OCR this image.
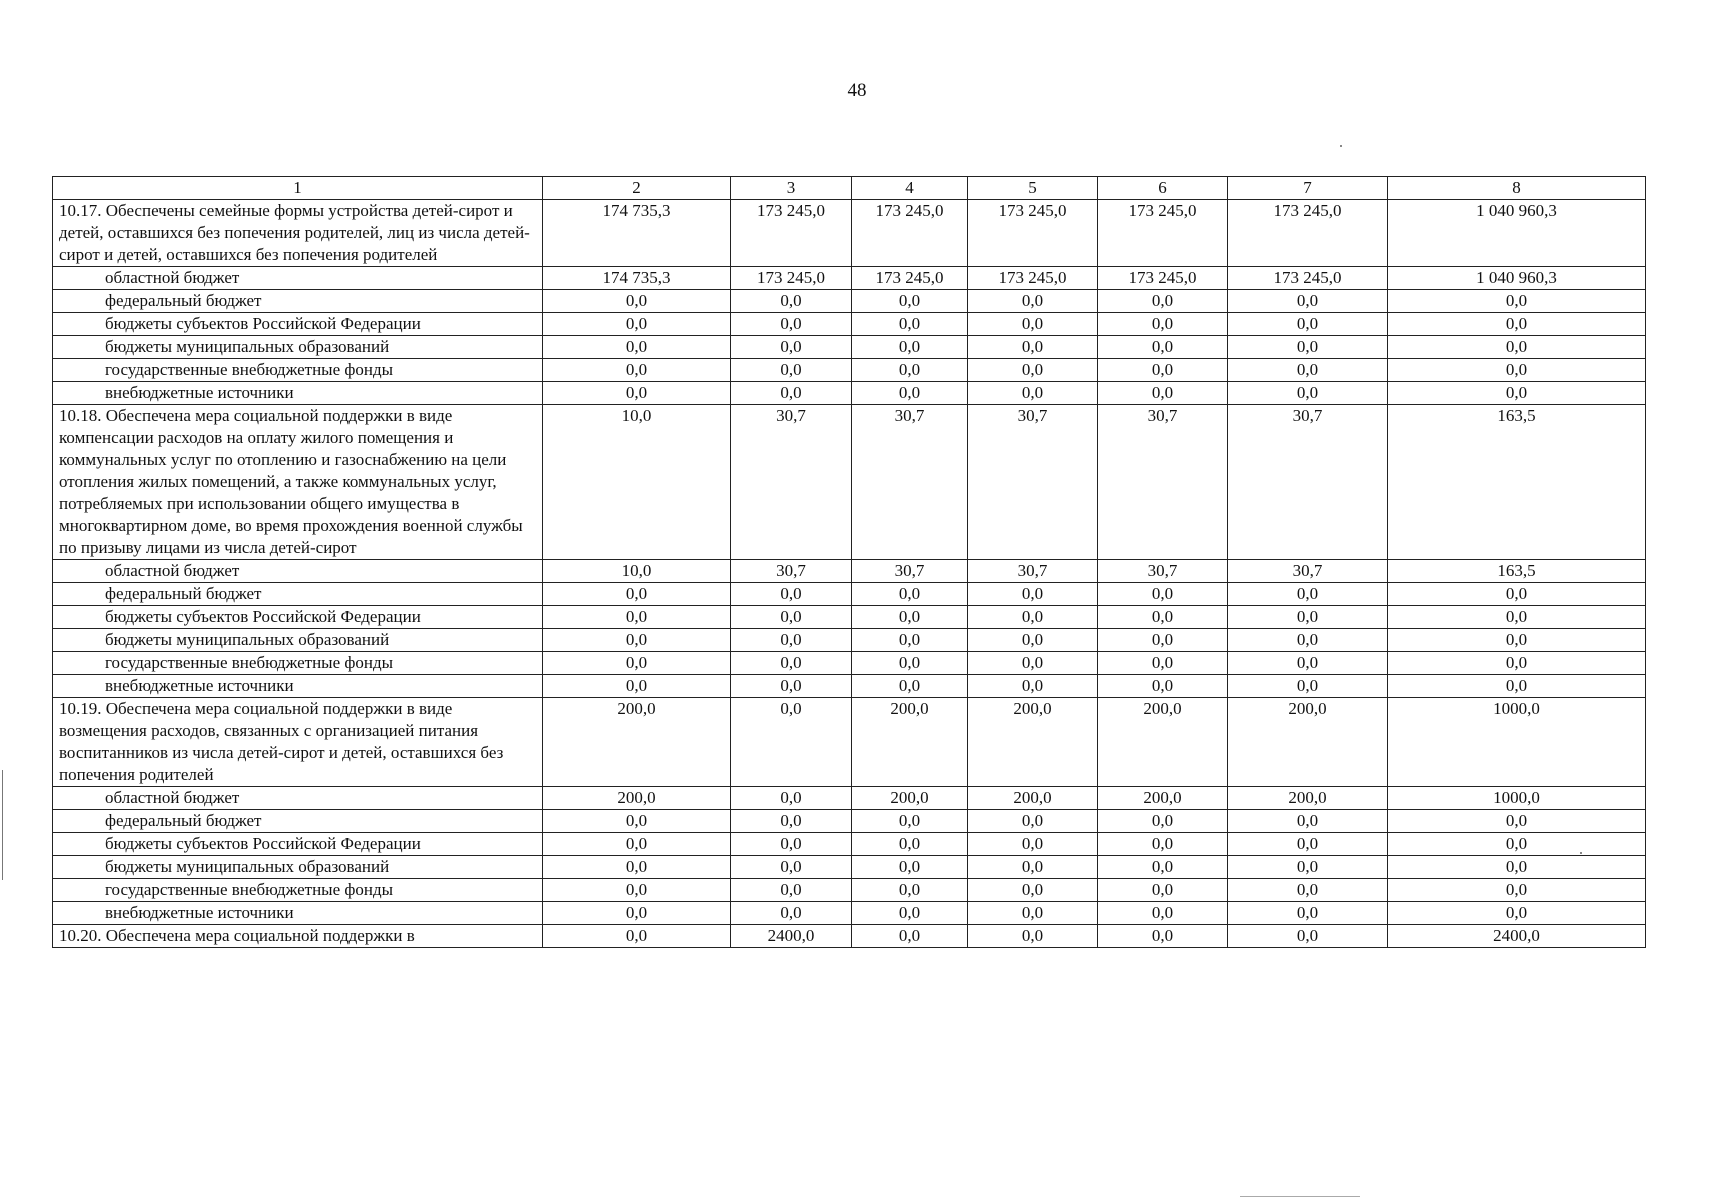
48
1	2	3	4	5	6	7	8
10.17. Обеспечены семейные формы устройства детей-сирот и детей, оставшихся без попечения родителей, лиц из числа детей-сирот и детей, оставшихся без попечения родителей	174 735,3	173 245,0	173 245,0	173 245,0	173 245,0	173 245,0	1 040 960,3
областной бюджет	174 735,3	173 245,0	173 245,0	173 245,0	173 245,0	173 245,0	1 040 960,3
федеральный бюджет	0,0	0,0	0,0	0,0	0,0	0,0	0,0
бюджеты субъектов Российской Федерации	0,0	0,0	0,0	0,0	0,0	0,0	0,0
бюджеты муниципальных образований	0,0	0,0	0,0	0,0	0,0	0,0	0,0
государственные внебюджетные фонды	0,0	0,0	0,0	0,0	0,0	0,0	0,0
внебюджетные источники	0,0	0,0	0,0	0,0	0,0	0,0	0,0
10.18. Обеспечена мера социальной поддержки в виде компенсации расходов на оплату жилого помещения и коммунальных услуг по отоплению и газоснабжению на цели отопления жилых помещений, а также коммунальных услуг, потребляемых при использовании общего имущества в многоквартирном доме, во время прохождения военной службы по призыву лицами из числа детей-сирот	10,0	30,7	30,7	30,7	30,7	30,7	163,5
областной бюджет	10,0	30,7	30,7	30,7	30,7	30,7	163,5
федеральный бюджет	0,0	0,0	0,0	0,0	0,0	0,0	0,0
бюджеты субъектов Российской Федерации	0,0	0,0	0,0	0,0	0,0	0,0	0,0
бюджеты муниципальных образований	0,0	0,0	0,0	0,0	0,0	0,0	0,0
государственные внебюджетные фонды	0,0	0,0	0,0	0,0	0,0	0,0	0,0
внебюджетные источники	0,0	0,0	0,0	0,0	0,0	0,0	0,0
10.19. Обеспечена мера социальной поддержки в виде возмещения расходов, связанных с организацией питания воспитанников из числа детей-сирот и детей, оставшихся без попечения родителей	200,0	0,0	200,0	200,0	200,0	200,0	1000,0
областной бюджет	200,0	0,0	200,0	200,0	200,0	200,0	1000,0
федеральный бюджет	0,0	0,0	0,0	0,0	0,0	0,0	0,0
бюджеты субъектов Российской Федерации	0,0	0,0	0,0	0,0	0,0	0,0	0,0
бюджеты муниципальных образований	0,0	0,0	0,0	0,0	0,0	0,0	0,0
государственные внебюджетные фонды	0,0	0,0	0,0	0,0	0,0	0,0	0,0
внебюджетные источники	0,0	0,0	0,0	0,0	0,0	0,0	0,0
10.20. Обеспечена мера социальной поддержки в	0,0	2400,0	0,0	0,0	0,0	0,0	2400,0
